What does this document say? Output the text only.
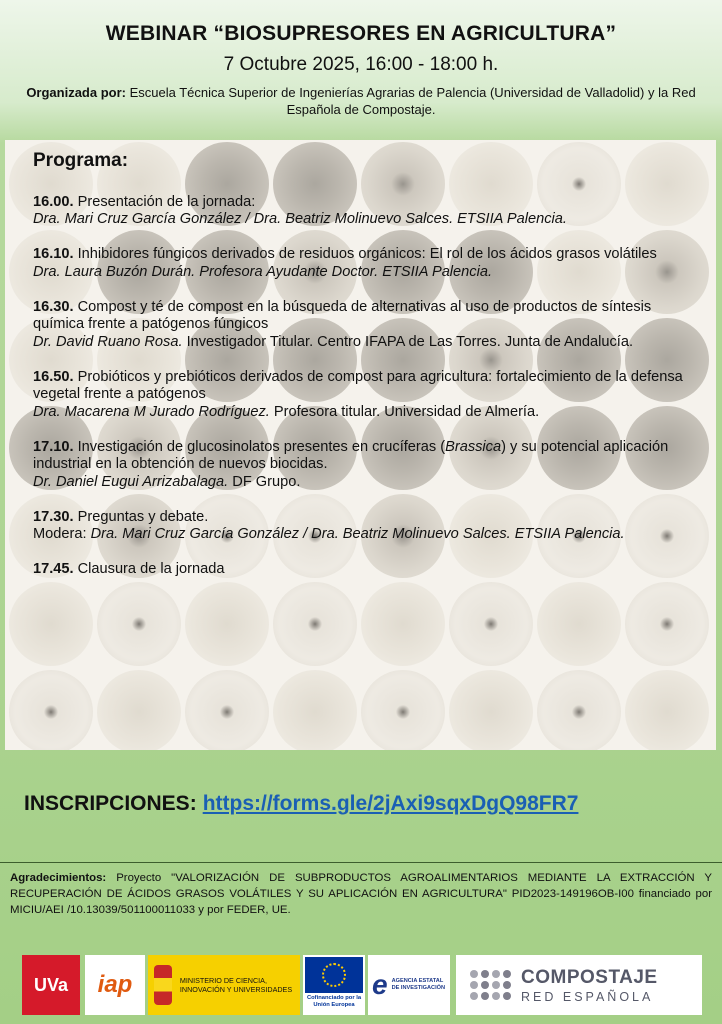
WEBINAR “BIOSUPRESORES EN AGRICULTURA”
7 Octubre 2025, 16:00 - 18:00 h.
Organizada por: Escuela Técnica Superior de Ingenierías Agrarias de Palencia (Universidad de Valladolid) y la Red Española de Compostaje.
Programa:
16.00. Presentación de la jornada:
Dra. Mari Cruz García González / Dra. Beatriz Molinuevo Salces. ETSIIA Palencia.
16.10. Inhibidores fúngicos derivados de residuos orgánicos: El rol de los ácidos grasos volátiles
Dra. Laura Buzón Durán. Profesora Ayudante Doctor. ETSIIA Palencia.
16.30. Compost y té de compost en la búsqueda de alternativas al uso de productos de síntesis química frente a patógenos fúngicos
Dr. David Ruano Rosa. Investigador Titular. Centro IFAPA de Las Torres. Junta de Andalucía.
16.50. Probióticos y prebióticos derivados de compost para agricultura: fortalecimiento de la defensa vegetal frente a patógenos
Dra. Macarena M Jurado Rodríguez. Profesora titular. Universidad de Almería.
17.10. Investigación de glucosinolatos presentes en crucíferas (Brassica) y su potencial aplicación industrial en la obtención de nuevos biocidas.
Dr. Daniel Eugui Arrizabalaga. DF Grupo.
17.30. Preguntas y debate.
Modera: Dra. Mari Cruz García González / Dra. Beatriz Molinuevo Salces. ETSIIA Palencia.
17.45. Clausura de la jornada
INSCRIPCIONES: https://forms.gle/2jAxi9sqxDgQ98FR7
Agradecimientos: Proyecto "VALORIZACIÓN DE SUBPRODUCTOS AGROALIMENTARIOS MEDIANTE LA EXTRACCIÓN Y RECUPERACIÓN DE ÁCIDOS GRASOS VOLÁTILES Y SU APLICACIÓN EN AGRICULTURA" PID2023-149196OB-I00 financiado por MICIU/AEI /10.13039/501100011033 y por FEDER, UE.
UVa iap	MINISTERIO DE CIENCIA, INNOVACIÓN Y UNIVERSIDADES
Cofinanciado por la Unión Europea
e AGENCIA ESTATAL DE INVESTIGACIÓN
COMPOSTAJE
RED ESPAÑOLA
